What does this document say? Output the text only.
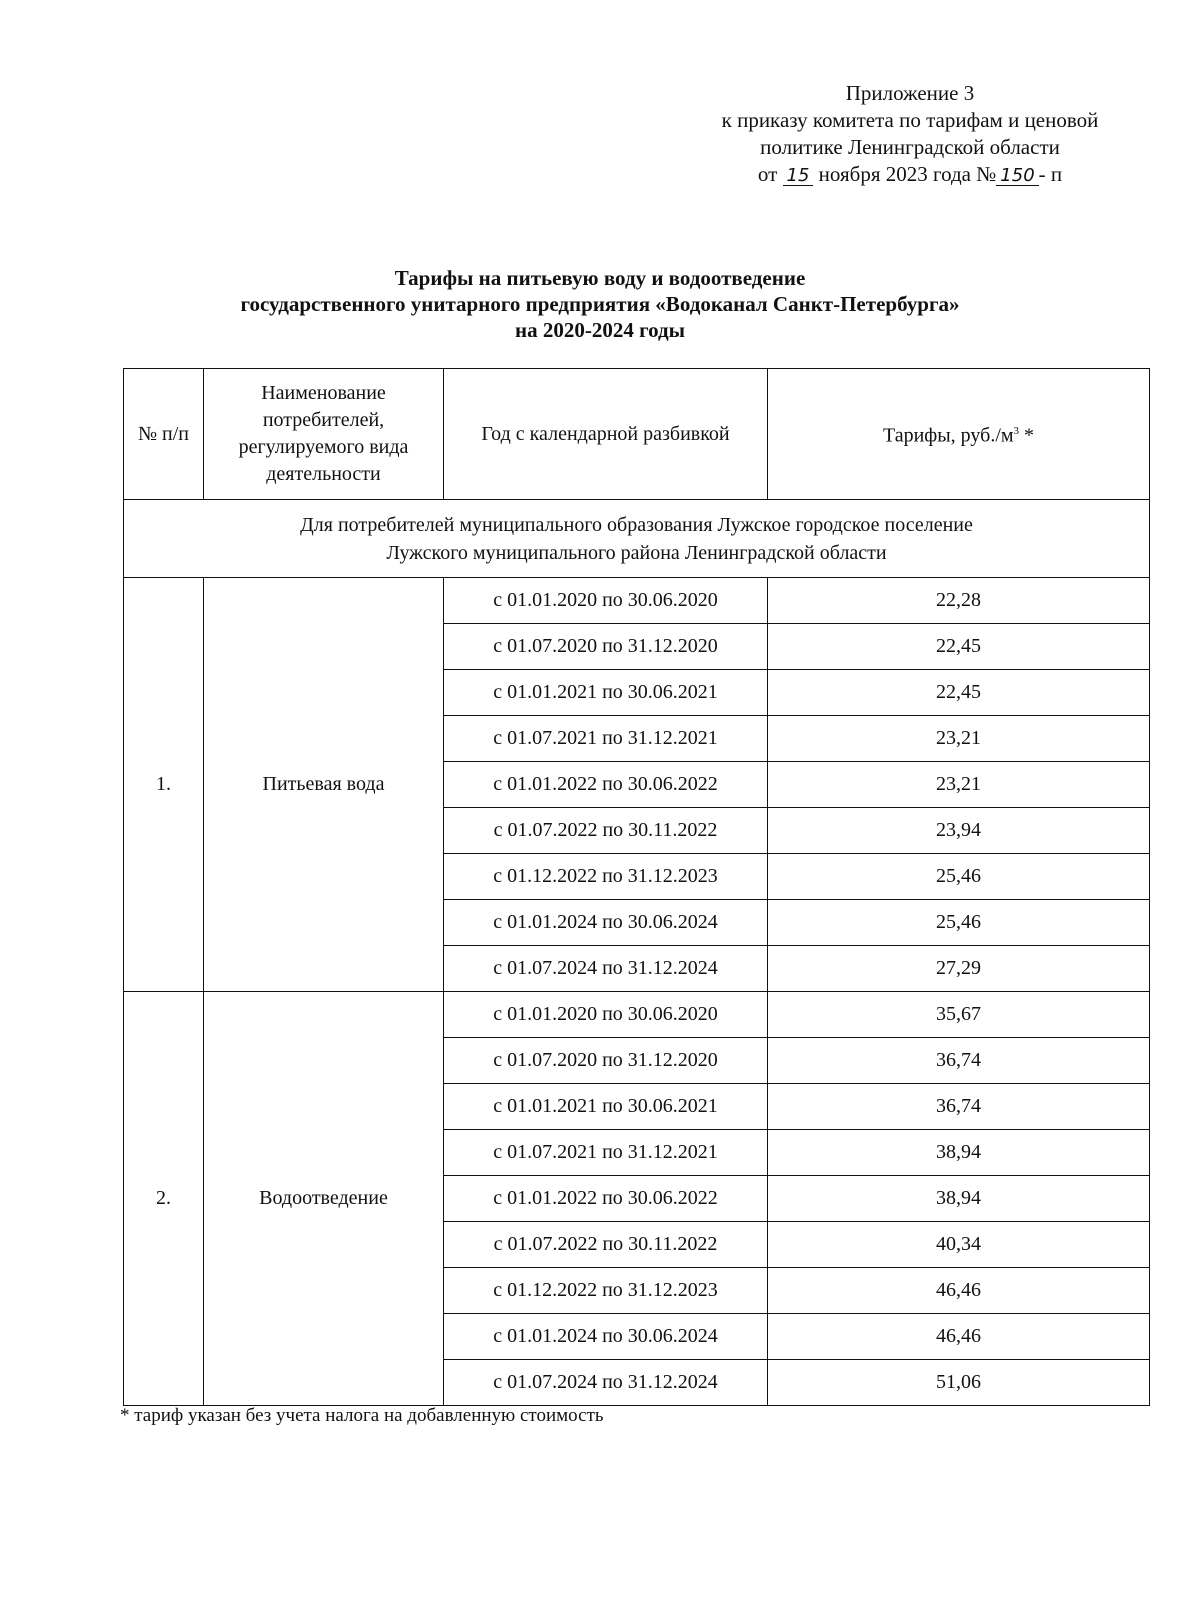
Приложение 3
к приказу комитета по тарифам и ценовой
политике Ленинградской области
от 15 ноября 2023 года № 150 - п
Тарифы на питьевую воду и водоотведение
государственного унитарного предприятия «Водоканал Санкт-Петербурга»
на 2020-2024 годы
№ п/п	Наименование потребителей, регулируемого вида деятельности	Год с календарной разбивкой	Тарифы, $руб./м^3$ *

Для потребителей муниципального образования Лужское городское поселение
Лужского муниципального района Ленинградской области			

1.	Питьевая вода	с 01.01.2020 по 30.06.2020	22,28
		с 01.07.2020 по 31.12.2020	22,45
		с 01.01.2021 по 30.06.2021	22,45
		с 01.07.2021 по 31.12.2021	23,21
		с 01.01.2022 по 30.06.2022	23,21
		с 01.07.2022 по 30.11.2022	23,94
		с 01.12.2022 по 31.12.2023	25,46
		с 01.01.2024 по 30.06.2024	25,46
		с 01.07.2024 по 31.12.2024	27,29
2.	Водоотведение	с 01.01.2020 по 30.06.2020	35,67
		с 01.07.2020 по 31.12.2020	36,74
		с 01.01.2021 по 30.06.2021	36,74
		с 01.07.2021 по 31.12.2021	38,94
		с 01.01.2022 по 30.06.2022	38,94
		с 01.07.2022 по 30.11.2022	40,34
		с 01.12.2022 по 31.12.2023	46,46
		с 01.01.2024 по 30.06.2024	46,46
		с 01.07.2024 по 31.12.2024	51,06
* тариф указан без учета налога на добавленную стоимость
